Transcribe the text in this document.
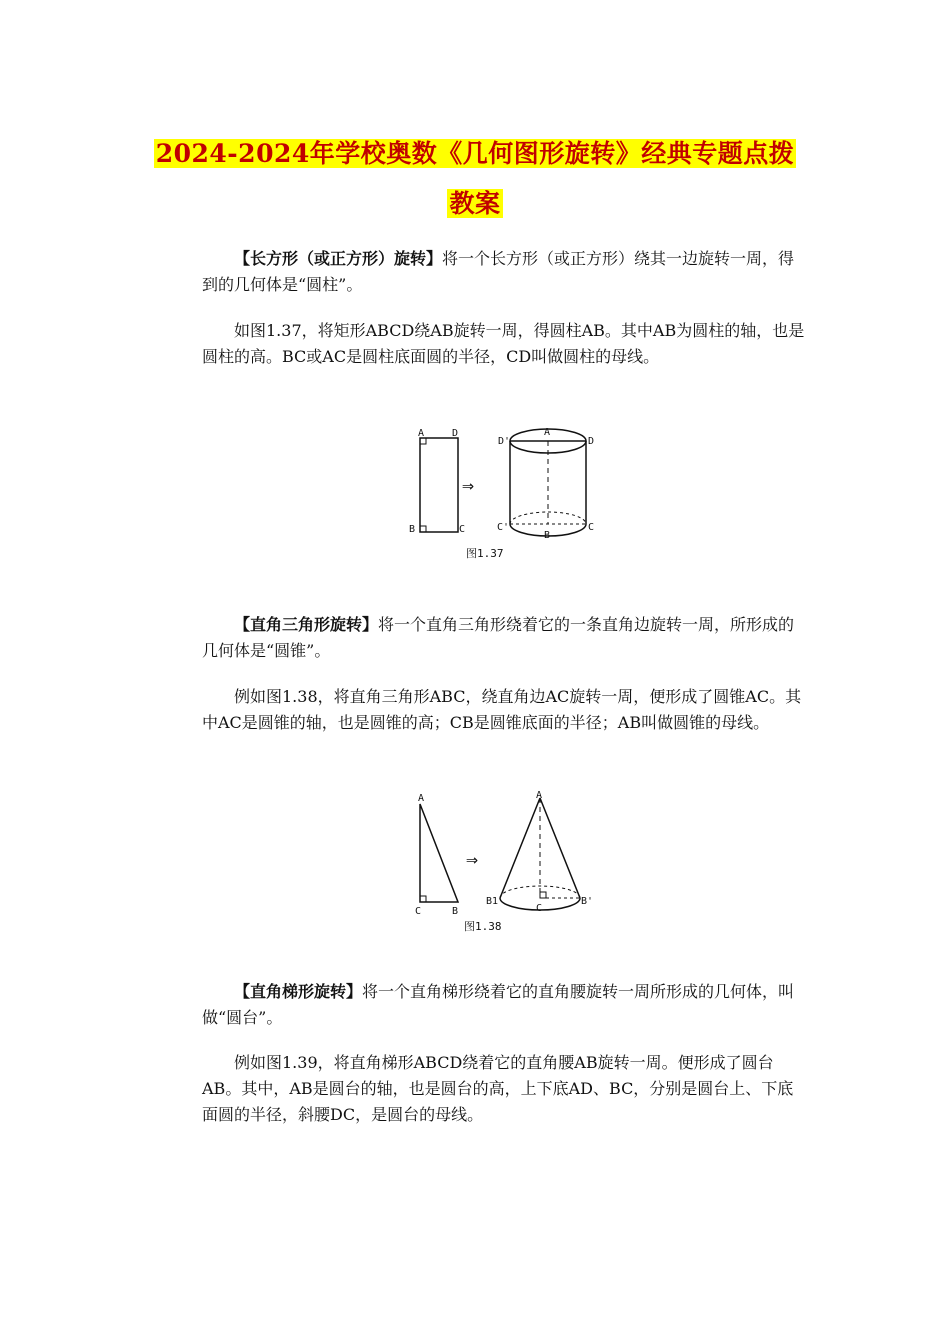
2024-2024年学校奥数《几何图形旋转》经典专题点拨
教案

【长方形（或正方形）旋转】将一个长方形（或正方形）绕其一边旋转一周，得到的几何体是“圆柱”。

如图1.37，将矩形ABCD绕AB旋转一周，得圆柱AB。其中AB为圆柱的轴，也是圆柱的高。BC或AC是圆柱底面圆的半径，CD叫做圆柱的母线。

A	D
B	C
⇒
A
D'	D
C'	C
B
图1.37

【直角三角形旋转】将一个直角三角形绕着它的一条直角边旋转一周，所形成的几何体是“圆锥”。

例如图1.38，将直角三角形ABC，绕直角边AC旋转一周，便形成了圆锥AC。其中AC是圆锥的轴，也是圆锥的高；CB是圆锥底面的半径；AB叫做圆锥的母线。

A
C	B
⇒
A
B1
C
B'
图1.38

【直角梯形旋转】将一个直角梯形绕着它的直角腰旋转一周所形成的几何体，叫做“圆台”。

例如图1.39，将直角梯形ABCD绕着它的直角腰AB旋转一周。便形成了圆台AB。其中，AB是圆台的轴，也是圆台的高，上下底AD、BC，分别是圆台上、下底面圆的半径，斜腰DC，是圆台的母线。
